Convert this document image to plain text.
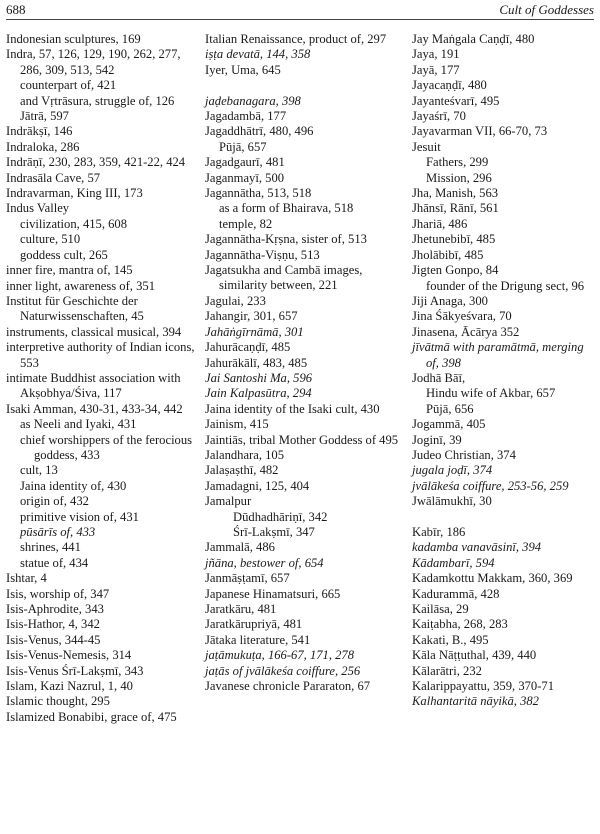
688	Cult of Goddesses
Indonesian sculptures, 169
Indra, 57, 126, 129, 190, 262, 277, 286, 309, 513, 542
counterpart of, 421
and Vṛtrāsura, struggle of, 126
Jātrā, 597
Indrākṣī, 146
Indraloka, 286
Indrāṇī, 230, 283, 359, 421-22, 424
Indrasāla Cave, 57
Indravarman, King III, 173
Indus Valley
civilization, 415, 608
culture, 510
goddess cult, 265
inner fire, mantra of, 145
inner light, awareness of, 351
Institut für Geschichte der Naturwissenschaften, 45
instruments, classical musical, 394
interpretive authority of Indian icons, 553
intimate Buddhist association with Akṣobhya/Śiva, 117
Isaki Amman, 430-31, 433-34, 442
as Neeli and Iyaki, 431
chief worshippers of the ferocious goddess, 433
cult, 13
Jaina identity of, 430
origin of, 432
primitive vision of, 431
pūsārīs of, 433
shrines, 441
statue of, 434
Ishtar, 4
Isis, worship of, 347
Isis-Aphrodite, 343
Isis-Hathor, 4, 342
Isis-Venus, 344-45
Isis-Venus-Nemesis, 314
Isis-Venus Śrī-Lakṣmī, 343
Islam, Kazi Nazrul, 1, 40
Islamic thought, 295
Islamized Bonabibi, grace of, 475
Italian Renaissance, product of, 297
iṣṭa devatā, 144, 358
Iyer, Uma, 645
jaḍebanagara, 398
Jagadambā, 177
Jagaddhātrī, 480, 496
Pūjā, 657
Jagadgaurī, 481
Jaganmayī, 500
Jagannātha, 513, 518
as a form of Bhairava, 518
temple, 82
Jagannātha-Kṛṣna, sister of, 513
Jagannātha-Viṣṇu, 513
Jagatsukha and Cambā images, similarity between, 221
Jagulai, 233
Jahangir, 301, 657
Jahāṅgīrnāmā, 301
Jahurācaṇḍī, 485
Jahurākālī, 483, 485
Jai Santoshi Ma, 596
Jain Kalpasūtra, 294
Jaina identity of the Isaki cult, 430
Jainism, 415
Jaintiās, tribal Mother Goddess of 495
Jalandhara, 105
Jalaṣaṣthī, 482
Jamadagni, 125, 404
Jamalpur
Dūdhadhāriṇī, 342
Śrī-Lakṣmī, 347
Jammalā, 486
jñāna, bestower of, 654
Janmāṣṭamī, 657
Japanese Hinamatsuri, 665
Jaratkāru, 481
Jaratkārupriyā, 481
Jātaka literature, 541
jaṭāmukuṭa, 166-67, 171, 278
jaṭās of jvālākeśa coiffure, 256
Javanese chronicle Pararaton, 67
Jay Maṅgala Caṇḍī, 480
Jaya, 191
Jayā, 177
Jayacaṇḍī, 480
Jayanteśvarī, 495
Jayaśrī, 70
Jayavarman VII, 66-70, 73
Jesuit
Fathers, 299
Mission, 296
Jha, Manish, 563
Jhānsī, Rānī, 561
Jhariā, 486
Jhetunebibī, 485
Jholābibī, 485
Jigten Gonpo, 84
founder of the Drigung sect, 96
Jiji Anaga, 300
Jina Śākyeśvara, 70
Jinasena, Ācārya 352
jīvātmā with paramātmā, merging of, 398
Jodhā Bāī,
Hindu wife of Akbar, 657
Pūjā, 656
Jogammā, 405
Joginī, 39
Judeo Christian, 374
jugala joḍī, 374
jvālākeśa coiffure, 253-56, 259
Jwālāmukhī, 30
Kabīr, 186
kadamba vanavāsinī, 394
Kādambarī, 594
Kadamkottu Makkam, 360, 369
Kadurammā, 428
Kailāsa, 29
Kaiṭabha, 268, 283
Kakati, B., 495
Kāla Nāṭṭuthal, 439, 440
Kālarātri, 232
Kalarippayattu, 359, 370-71
Kalhantaritā nāyikā, 382
